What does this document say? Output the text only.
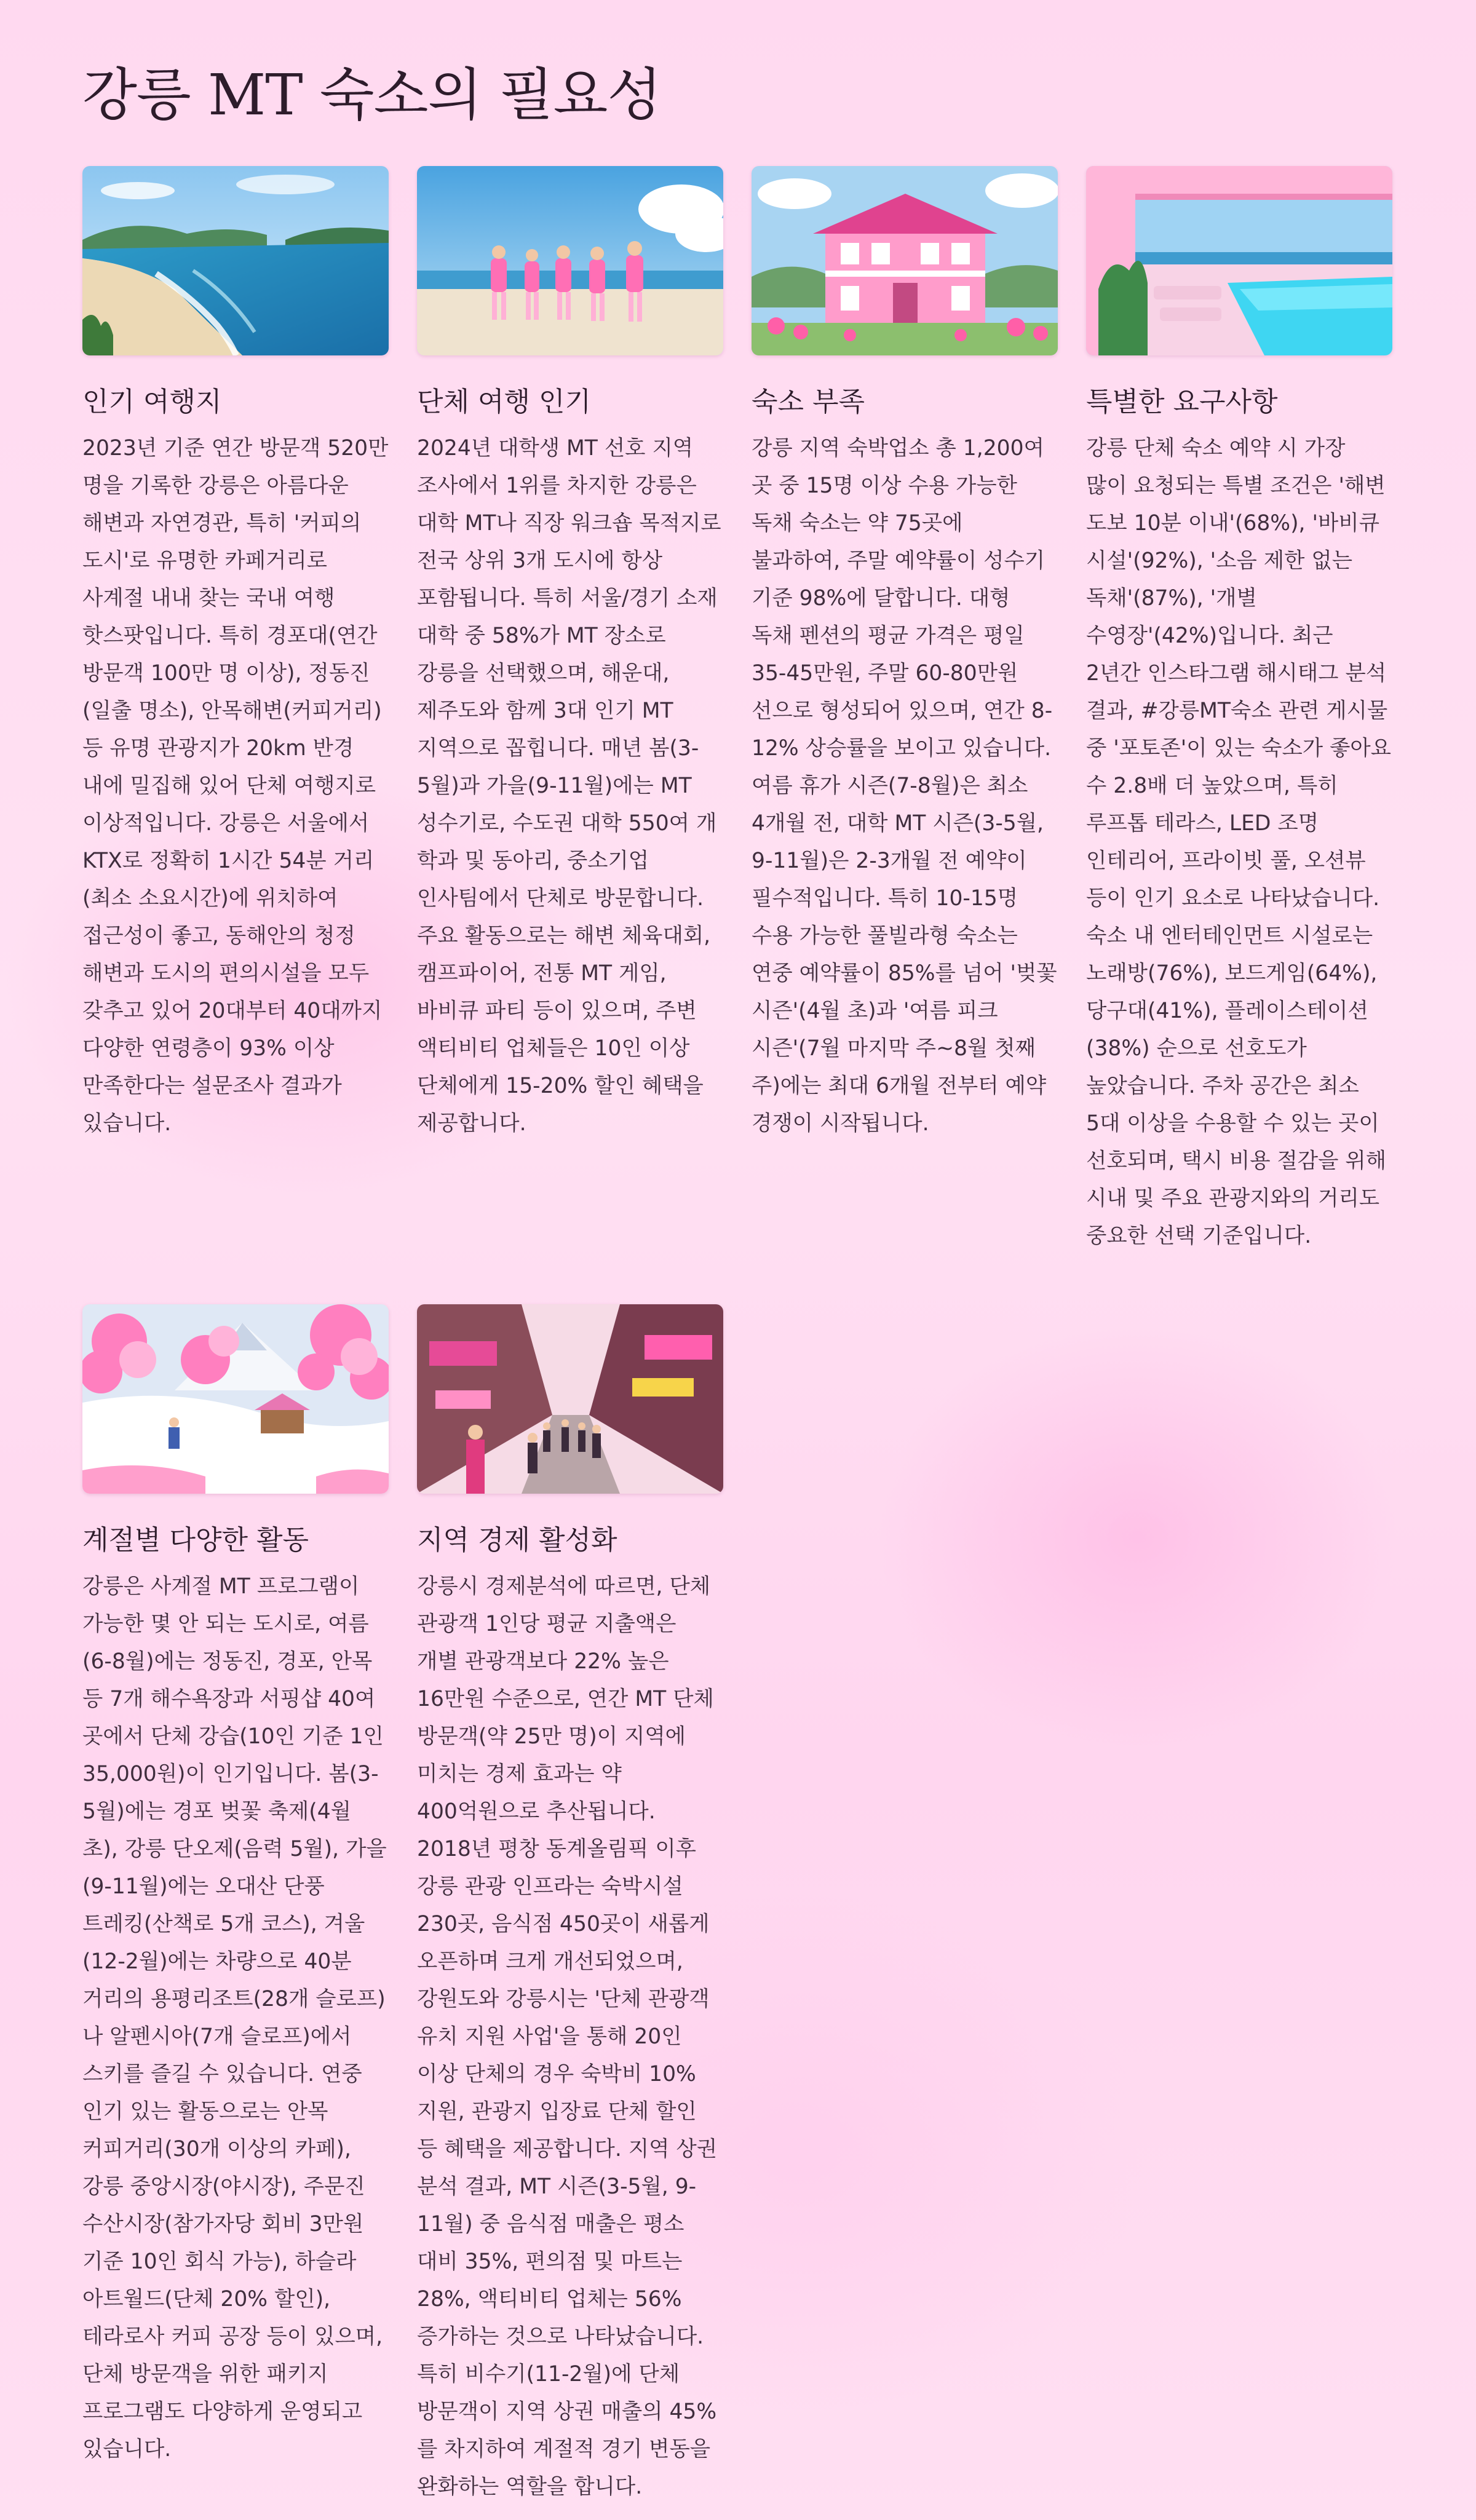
강릉 MT 숙소의 필요성
인기 여행지

2023년 기준 연간 방문객 520만 명을 기록한 강릉은 아름다운 해변과 자연경관, 특히 '커피의 도시'로 유명한 카페거리로 사계절 내내 찾는 국내 여행 핫스팟입니다. 특히 경포대(연간 방문객 100만 명 이상), 정동진(일출 명소), 안목해변(커피거리) 등 유명 관광지가 20km 반경 내에 밀집해 있어 단체 여행지로 이상적입니다. 강릉은 서울에서 KTX로 정확히 1시간 54분 거리(최소 소요시간)에 위치하여 접근성이 좋고, 동해안의 청정 해변과 도시의 편의시설을 모두 갖추고 있어 20대부터 40대까지 다양한 연령층이 93% 이상 만족한다는 설문조사 결과가 있습니다.

단체 여행 인기

2024년 대학생 MT 선호 지역 조사에서 1위를 차지한 강릉은 대학 MT나 직장 워크숍 목적지로 전국 상위 3개 도시에 항상 포함됩니다. 특히 서울/경기 소재 대학 중 58%가 MT 장소로 강릉을 선택했으며, 해운대, 제주도와 함께 3대 인기 MT 지역으로 꼽힙니다. 매년 봄(3-5월)과 가을(9-11월)에는 MT 성수기로, 수도권 대학 550여 개 학과 및 동아리, 중소기업 인사팀에서 단체로 방문합니다. 주요 활동으로는 해변 체육대회, 캠프파이어, 전통 MT 게임, 바비큐 파티 등이 있으며, 주변 액티비티 업체들은 10인 이상 단체에게 15-20% 할인 혜택을 제공합니다.

숙소 부족

강릉 지역 숙박업소 총 1,200여 곳 중 15명 이상 수용 가능한 독채 숙소는 약 75곳에 불과하여, 주말 예약률이 성수기 기준 98%에 달합니다. 대형 독채 펜션의 평균 가격은 평일 35-45만원, 주말 60-80만원 선으로 형성되어 있으며, 연간 8-12% 상승률을 보이고 있습니다. 여름 휴가 시즌(7-8월)은 최소 4개월 전, 대학 MT 시즌(3-5월, 9-11월)은 2-3개월 전 예약이 필수적입니다. 특히 10-15명 수용 가능한 풀빌라형 숙소는 연중 예약률이 85%를 넘어 '벚꽃 시즌'(4월 초)과 '여름 피크 시즌'(7월 마지막 주~8월 첫째 주)에는 최대 6개월 전부터 예약 경쟁이 시작됩니다.

특별한 요구사항

강릉 단체 숙소 예약 시 가장 많이 요청되는 특별 조건은 '해변 도보 10분 이내'(68%), '바비큐 시설'(92%), '소음 제한 없는 독채'(87%), '개별 수영장'(42%)입니다. 최근 2년간 인스타그램 해시태그 분석 결과, #강릉MT숙소 관련 게시물 중 '포토존'이 있는 숙소가 좋아요 수 2.8배 더 높았으며, 특히 루프톱 테라스, LED 조명 인테리어, 프라이빗 풀, 오션뷰 등이 인기 요소로 나타났습니다. 숙소 내 엔터테인먼트 시설로는 노래방(76%), 보드게임(64%), 당구대(41%), 플레이스테이션(38%) 순으로 선호도가 높았습니다. 주차 공간은 최소 5대 이상을 수용할 수 있는 곳이 선호되며, 택시 비용 절감을 위해 시내 및 주요 관광지와의 거리도 중요한 선택 기준입니다.

계절별 다양한 활동

강릉은 사계절 MT 프로그램이 가능한 몇 안 되는 도시로, 여름(6-8월)에는 정동진, 경포, 안목 등 7개 해수욕장과 서핑샵 40여 곳에서 단체 강습(10인 기준 1인 35,000원)이 인기입니다. 봄(3-5월)에는 경포 벚꽃 축제(4월 초), 강릉 단오제(음력 5월), 가을(9-11월)에는 오대산 단풍 트레킹(산책로 5개 코스), 겨울(12-2월)에는 차량으로 40분 거리의 용평리조트(28개 슬로프)나 알펜시아(7개 슬로프)에서 스키를 즐길 수 있습니다. 연중 인기 있는 활동으로는 안목 커피거리(30개 이상의 카페), 강릉 중앙시장(야시장), 주문진 수산시장(참가자당 회비 3만원 기준 10인 회식 가능), 하슬라 아트월드(단체 20% 할인), 테라로사 커피 공장 등이 있으며, 단체 방문객을 위한 패키지 프로그램도 다양하게 운영되고 있습니다.

지역 경제 활성화

강릉시 경제분석에 따르면, 단체 관광객 1인당 평균 지출액은 개별 관광객보다 22% 높은 16만원 수준으로, 연간 MT 단체 방문객(약 25만 명)이 지역에 미치는 경제 효과는 약 400억원으로 추산됩니다. 2018년 평창 동계올림픽 이후 강릉 관광 인프라는 숙박시설 230곳, 음식점 450곳이 새롭게 오픈하며 크게 개선되었으며, 강원도와 강릉시는 '단체 관광객 유치 지원 사업'을 통해 20인 이상 단체의 경우 숙박비 10% 지원, 관광지 입장료 단체 할인 등 혜택을 제공합니다. 지역 상권 분석 결과, MT 시즌(3-5월, 9-11월) 중 음식점 매출은 평소 대비 35%, 편의점 및 마트는 28%, 액티비티 업체는 56% 증가하는 것으로 나타났습니다. 특히 비수기(11-2월)에 단체 방문객이 지역 상권 매출의 45%를 차지하여 계절적 경기 변동을 완화하는 역할을 합니다.
